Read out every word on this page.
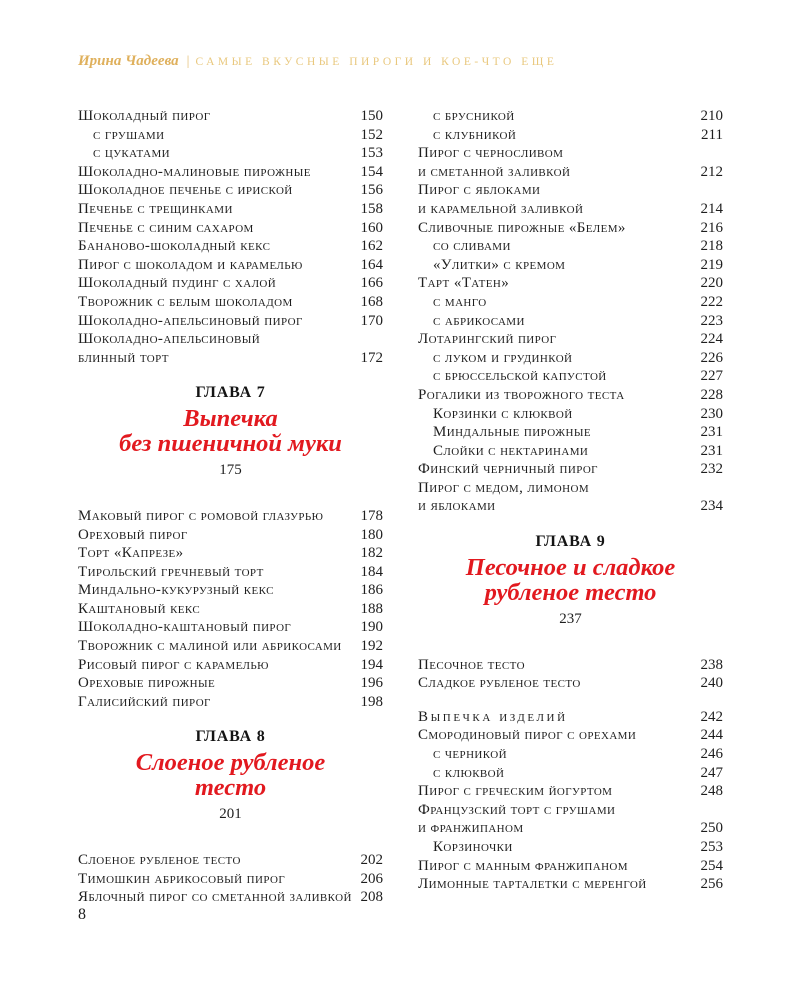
Ирина Чадеева | САМЫЕ ВКУСНЫЕ ПИРОГИ И КОЕ-ЧТО ЕЩЕ
Шоколадный пирог	150
с грушами	152
с цукатами	153
Шоколадно-малиновые пирожные	154
Шоколадное печенье с ириской	156
Печенье с трещинками	158
Печенье с синим сахаром	160
Бананово-шоколадный кекс	162
Пирог с шоколадом и карамелью	164
Шоколадный пудинг с халой	166
Творожник с белым шоколадом	168
Шоколадно-апельсиновый пирог	170
Шоколадно-апельсиновый
блинный торт	172
ГЛАВА 7
Выпечка
без пшеничной муки
175
Маковый пирог с ромовой глазурью 178
Ореховый пирог	180
Торт «Капрезе»	182
Тирольский гречневый торт	184
Миндально-кукурузный кекс	186
Каштановый кекс	188
Шоколадно-каштановый пирог	190
Творожник с малиной или абрикосами 192
Рисовый пирог с карамелью	194
Ореховые пирожные	196
Галисийский пирог	198
ГЛАВА 8
Слоеное рубленое
тесто
201
Слоеное рубленое тесто	202
Тимошкин абрикосовый пирог	206
Яблочный пирог со сметанной заливкой 208
с брусникой	210
с клубникой	211
Пирог с черносливом
и сметанной заливкой	212
Пирог с яблоками
и карамельной заливкой	214
Сливочные пирожные «Белем»	216
со сливами	218
«Улитки» с кремом	219
Тарт «Татен»	220
с манго	222
с абрикосами	223
Лотарингский пирог	224
с луком и грудинкой	226
с брюссельской капустой	227
Рогалики из творожного теста	228
Корзинки с клюквой	230
Миндальные пирожные	231
Слойки с нектаринами	231
Финский черничный пирог	232
Пирог с медом, лимоном
и яблоками	234
ГЛАВА 9
Песочное и сладкое
рубленое тесто
237
Песочное тесто	238
Сладкое рубленое тесто	240
Выпечка изделий	242
Смородиновый пирог с орехами	244
с черникой	246
с клюквой	247
Пирог с греческим йогуртом	248
Французский торт с грушами
и франжипаном	250
Корзиночки	253
Пирог с манным франжипаном	254
Лимонные тарталетки с меренгой	256
8
